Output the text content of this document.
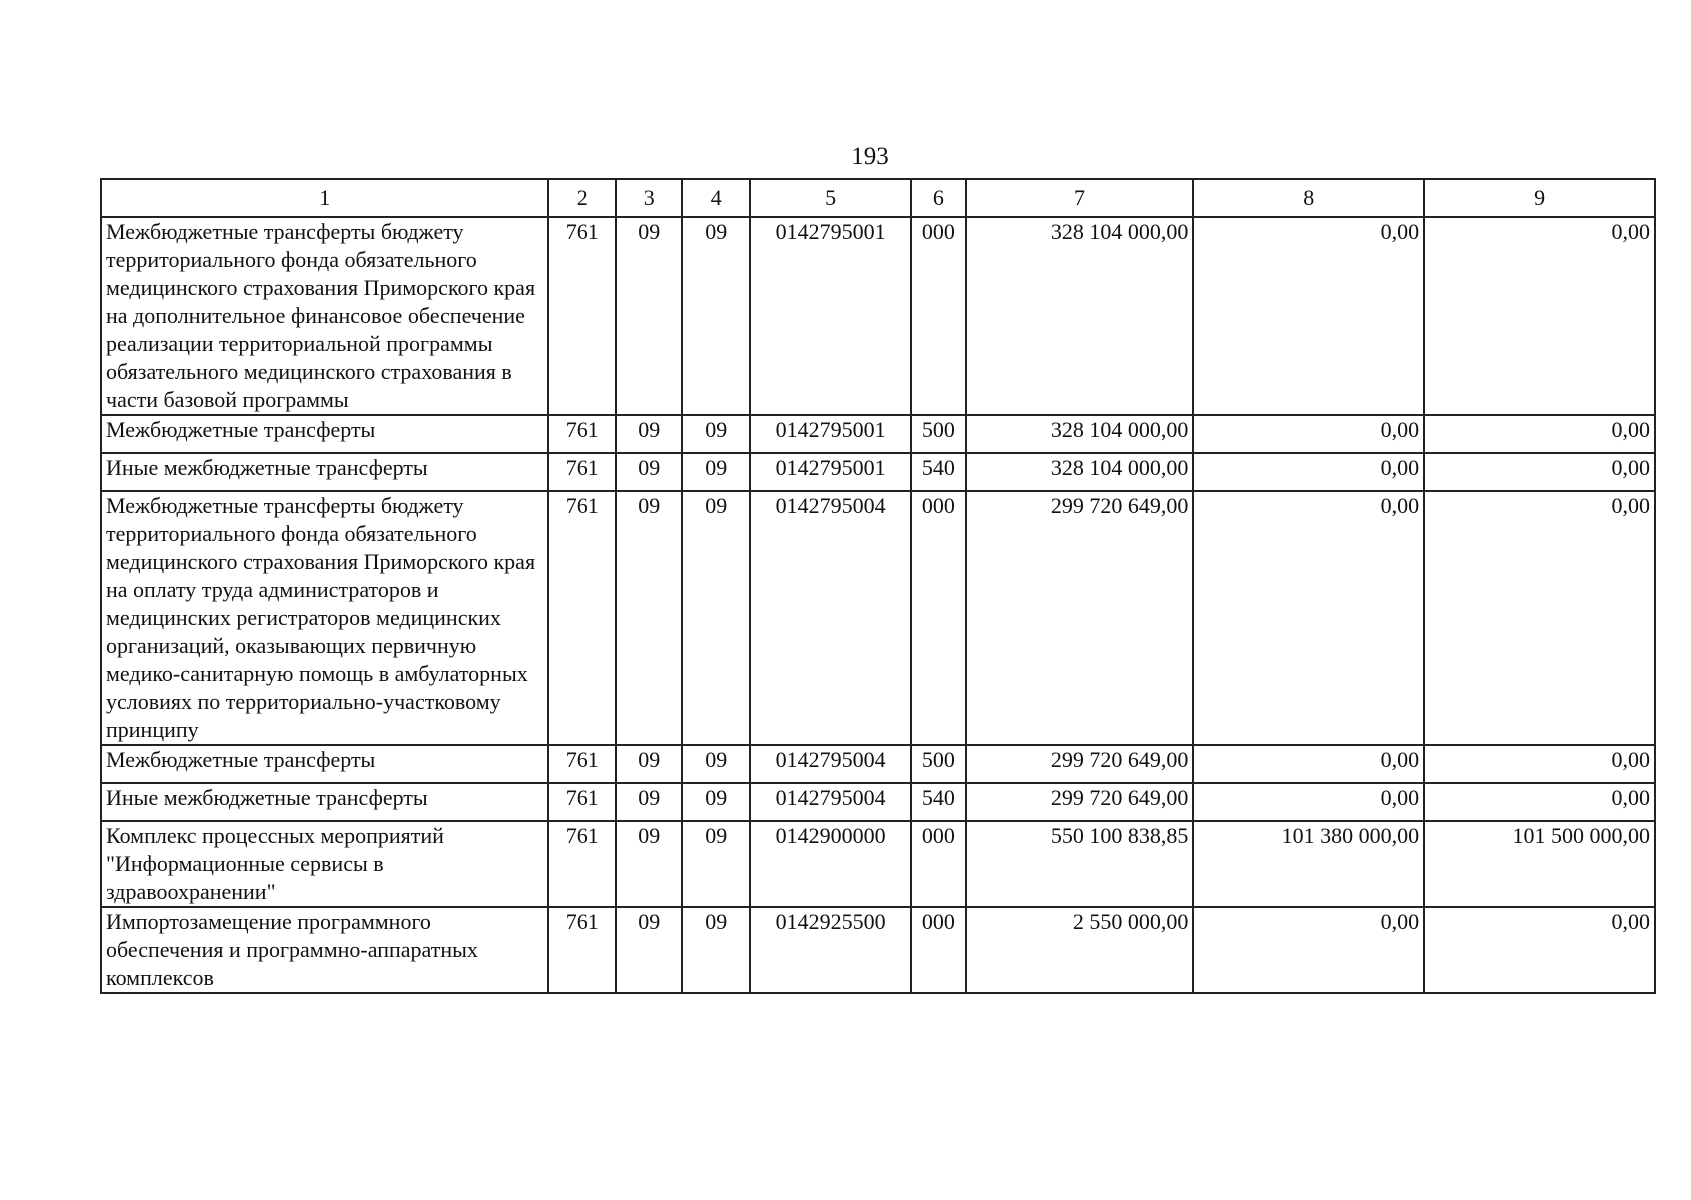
193
1	2	3	4	5	6	7	8	9
Межбюджетные трансферты бюджету территориального фонда обязательного медицинского страхования Приморского края на дополнительное финансовое обеспечение реализации территориальной программы обязательного медицинского страхования в части базовой программы	761	09	09	0142795001	000	328 104 000,00	0,00	0,00
Межбюджетные трансферты	761	09	09	0142795001	500	328 104 000,00	0,00	0,00
Иные межбюджетные трансферты	761	09	09	0142795001	540	328 104 000,00	0,00	0,00
Межбюджетные трансферты бюджету территориального фонда обязательного медицинского страхования Приморского края на оплату труда администраторов и медицинских регистраторов медицинских организаций, оказывающих первичную медико-санитарную помощь в амбулаторных условиях по территориально-участковому принципу	761	09	09	0142795004	000	299 720 649,00	0,00	0,00
Межбюджетные трансферты	761	09	09	0142795004	500	299 720 649,00	0,00	0,00
Иные межбюджетные трансферты	761	09	09	0142795004	540	299 720 649,00	0,00	0,00
Комплекс процессных мероприятий "Информационные сервисы в здравоохранении"	761	09	09	0142900000	000	550 100 838,85	101 380 000,00	101 500 000,00
Импортозамещение программного обеспечения и программно-аппаратных комплексов	761	09	09	0142925500	000	2 550 000,00	0,00	0,00
